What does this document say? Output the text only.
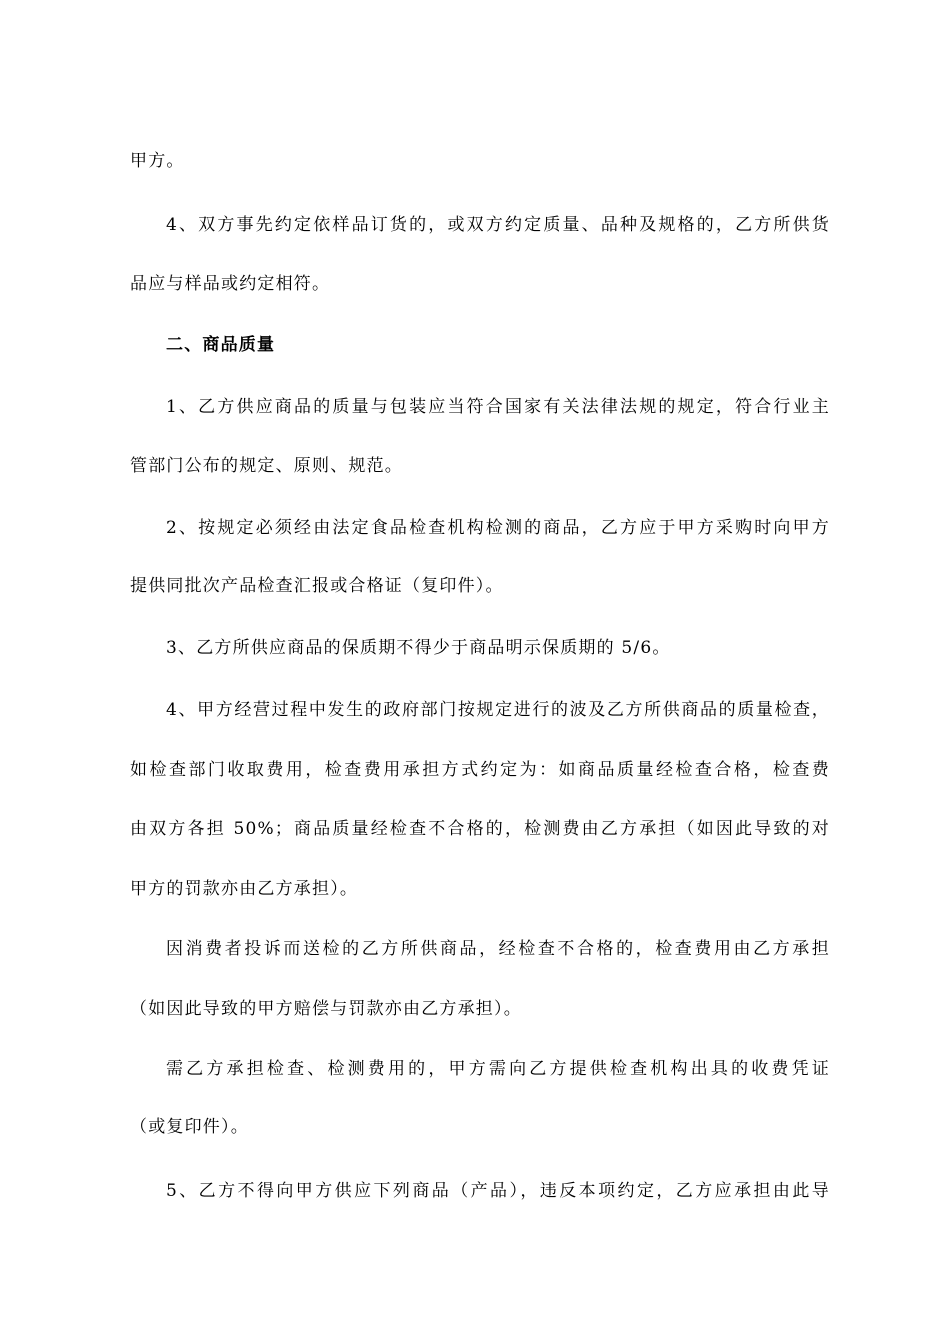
甲方。
4、双方事先约定依样品订货的，或双方约定质量、品种及规格的，乙方所供货
品应与样品或约定相符。
二、商品质量
1、乙方供应商品的质量与包装应当符合国家有关法律法规的规定，符合行业主
管部门公布的规定、原则、规范。
2、按规定必须经由法定食品检查机构检测的商品，乙方应于甲方采购时向甲方
提供同批次产品检查汇报或合格证（复印件）。
3、乙方所供应商品的保质期不得少于商品明示保质期的 5/6。
4、甲方经营过程中发生的政府部门按规定进行的波及乙方所供商品的质量检查，
如检查部门收取费用，检查费用承担方式约定为：如商品质量经检查合格，检查费
由双方各担 50%；商品质量经检查不合格的，检测费由乙方承担（如因此导致的对
甲方的罚款亦由乙方承担）。
因消费者投诉而送检的乙方所供商品，经检查不合格的，检查费用由乙方承担
（如因此导致的甲方赔偿与罚款亦由乙方承担）。
需乙方承担检查、检测费用的，甲方需向乙方提供检查机构出具的收费凭证
（或复印件）。
5、乙方不得向甲方供应下列商品（产品），违反本项约定，乙方应承担由此导
